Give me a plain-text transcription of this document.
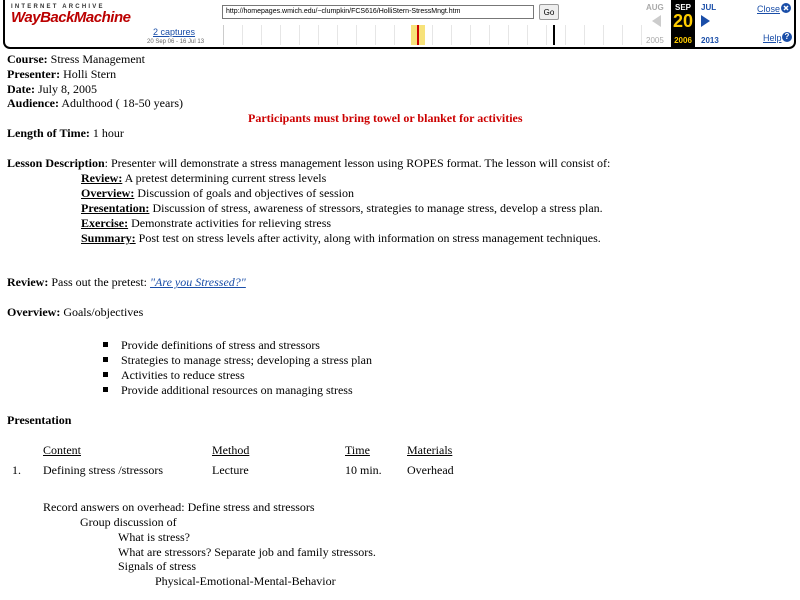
INTERNET ARCHIVE
WayBackMachine
2 captures
20 Sep 06 - 16 Jul 13
http://homepages.wmich.edu/~clumpkin/FCS616/HolliStern-StressMngt.htm	Go
AUG
2005
SEP
20
2006
JUL
2013
Close
Help ?
Course: Stress Management
Presenter: Holli Stern
Date: July 8, 2005
Audience: Adulthood ( 18-50 years)
Participants must bring towel or blanket for activities
Length of Time: 1 hour
Lesson Description: Presenter will demonstrate a stress management lesson using ROPES format. The lesson will consist of:
Review: A pretest determining current stress levels
Overview: Discussion of goals and objectives of session
Presentation: Discussion of stress, awareness of stressors, strategies to manage stress, develop a stress plan.
Exercise: Demonstrate activities for relieving stress
Summary: Post test on stress levels after activity, along with information on stress management techniques.
Review: Pass out the pretest: "Are you Stressed?"
Overview: Goals/objectives
Provide definitions of stress and stressors
Strategies to manage stress; developing a stress plan
Activities to reduce stress
Provide additional resources on managing stress
Presentation
Content	Method	Time	Materials
1. Defining stress /stressors	Lecture	10 min. Overhead
Record answers on overhead: Define stress and stressors
Group discussion of
What is stress?
What are stressors? Separate job and family stressors.
Signals of stress
Physical-Emotional-Mental-Behavior
